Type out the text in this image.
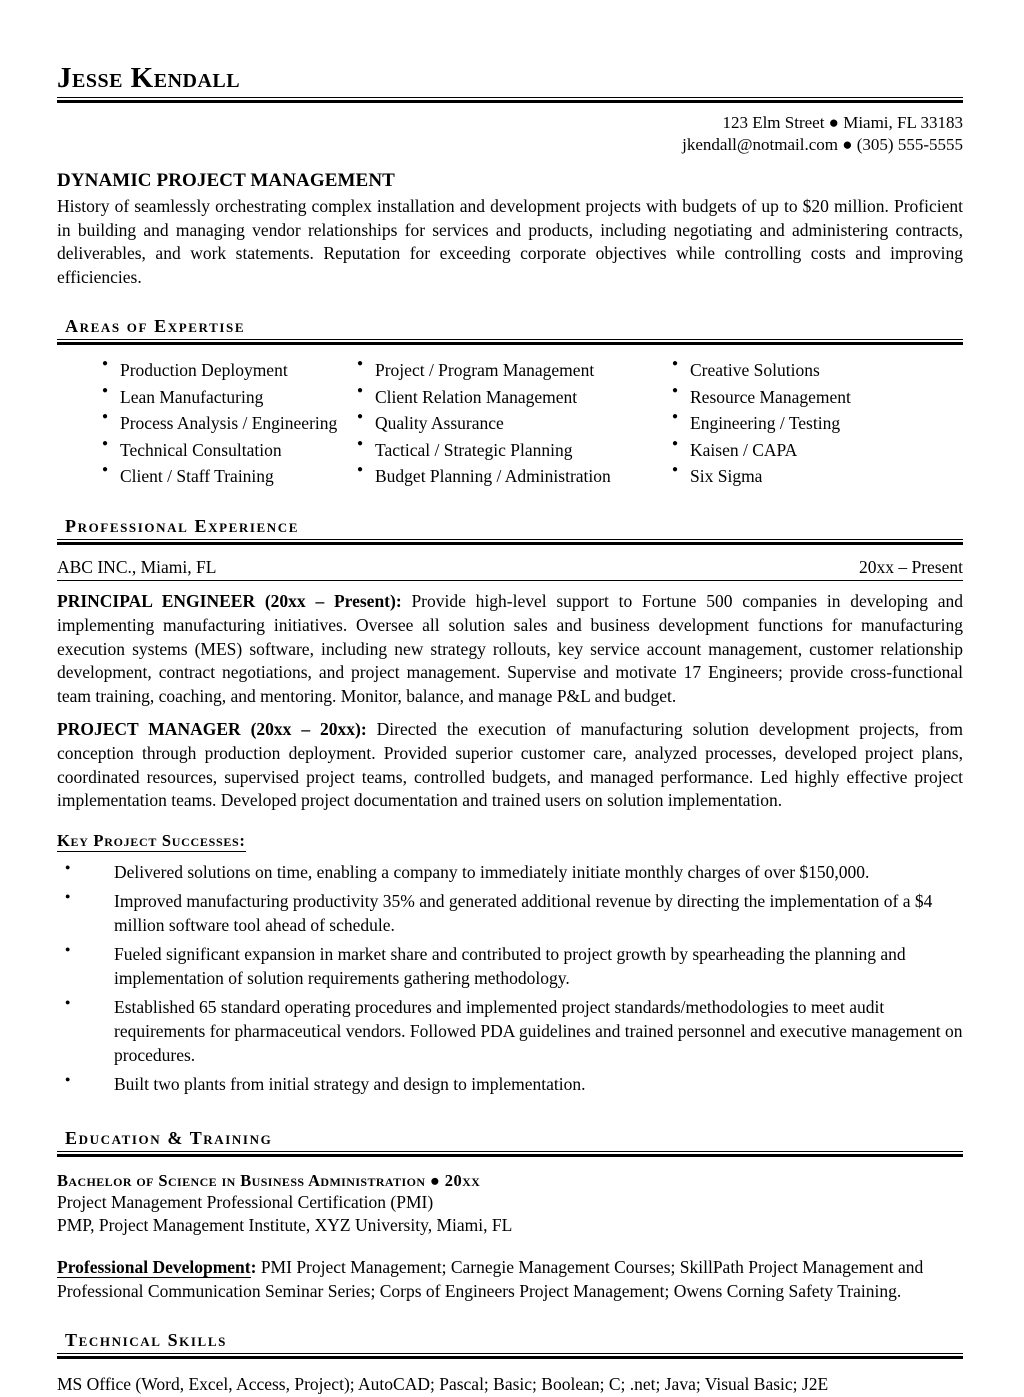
Jesse Kendall
123 Elm Street ● Miami, FL 33183
jkendall@notmail.com ● (305) 555-5555
DYNAMIC PROJECT MANAGEMENT
History of seamlessly orchestrating complex installation and development projects with budgets of up to $20 million. Proficient in building and managing vendor relationships for services and products, including negotiating and administering contracts, deliverables, and work statements. Reputation for exceeding corporate objectives while controlling costs and improving efficiencies.
Areas of Expertise
● Production Deployment
● Lean Manufacturing
● Process Analysis / Engineering
● Technical Consultation
● Client / Staff Training
● Project / Program Management
● Client Relation Management
● Quality Assurance
● Tactical / Strategic Planning
● Budget Planning / Administration
● Creative Solutions
● Resource Management
● Engineering / Testing
● Kaisen / CAPA
● Six Sigma
Professional Experience
ABC INC., Miami, FL	20xx – Present
PRINCIPAL ENGINEER (20xx – Present): Provide high-level support to Fortune 500 companies in developing and implementing manufacturing initiatives. Oversee all solution sales and business development functions for manufacturing execution systems (MES) software, including new strategy rollouts, key service account management, customer relationship development, contract negotiations, and project management. Supervise and motivate 17 Engineers; provide cross-functional team training, coaching, and mentoring. Monitor, balance, and manage P&L and budget.
PROJECT MANAGER (20xx – 20xx): Directed the execution of manufacturing solution development projects, from conception through production deployment. Provided superior customer care, analyzed processes, developed project plans, coordinated resources, supervised project teams, controlled budgets, and managed performance. Led highly effective project implementation teams. Developed project documentation and trained users on solution implementation.
Key Project Successes:
● Delivered solutions on time, enabling a company to immediately initiate monthly charges of over $150,000.
● Improved manufacturing productivity 35% and generated additional revenue by directing the implementation of a $4 million software tool ahead of schedule.
● Fueled significant expansion in market share and contributed to project growth by spearheading the planning and implementation of solution requirements gathering methodology.
● Established 65 standard operating procedures and implemented project standards/methodologies to meet audit requirements for pharmaceutical vendors. Followed PDA guidelines and trained personnel and executive management on procedures.
● Built two plants from initial strategy and design to implementation.
Education & Training
Bachelor of Science in Business Administration ● 20xx
Project Management Professional Certification (PMI)
PMP, Project Management Institute, XYZ University, Miami, FL
Professional Development: PMI Project Management; Carnegie Management Courses; SkillPath Project Management and Professional Communication Seminar Series; Corps of Engineers Project Management; Owens Corning Safety Training.
Technical Skills
MS Office (Word, Excel, Access, Project); AutoCAD; Pascal; Basic; Boolean; C; .net; Java; Visual Basic; J2E
